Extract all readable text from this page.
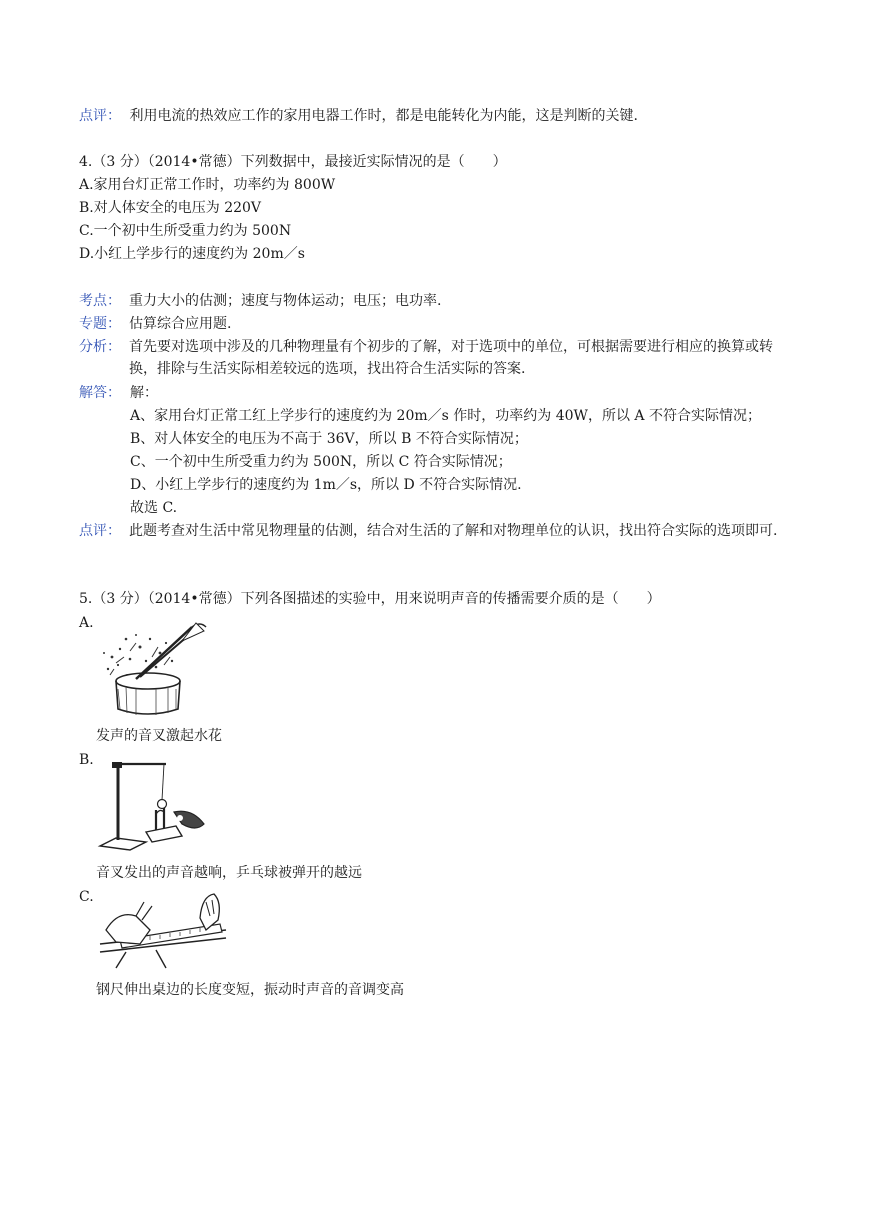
点评： 利用电流的热效应工作的家用电器工作时，都是电能转化为内能，这是判断的关键.
4.（3 分）（2014•常德）下列数据中，最接近实际情况的是（　　）
A.家用台灯正常工作时，功率约为 800W
B.对人体安全的电压为 220V
C.一个初中生所受重力约为 500N
D.小红上学步行的速度约为 20m／s
考点： 重力大小的估测；速度与物体运动；电压；电功率.
专题： 估算综合应用题.
分析： 首先要对选项中涉及的几种物理量有个初步的了解，对于选项中的单位，可根据需要进行相应的换算或转换，排除与生活实际相差较远的选项，找出符合生活实际的答案.
解答： 解：
A、家用台灯正常工红上学步行的速度约为 20m／s 作时，功率约为 40W，所以 A 不符合实际情况；
B、对人体安全的电压为不高于 36V，所以 B 不符合实际情况；
C、一个初中生所受重力约为 500N，所以 C 符合实际情况；
D、小红上学步行的速度约为 1m／s，所以 D 不符合实际情况.
故选 C.
点评： 此题考查对生活中常见物理量的估测，结合对生活的了解和对物理单位的认识，找出符合实际的选项即可.
5.（3 分）（2014•常德）下列各图描述的实验中，用来说明声音的传播需要介质的是（　　）
A.
发声的音叉激起水花
B.
音叉发出的声音越响，乒乓球被弹开的越远
C.
钢尺伸出桌边的长度变短，振动时声音的音调变高
